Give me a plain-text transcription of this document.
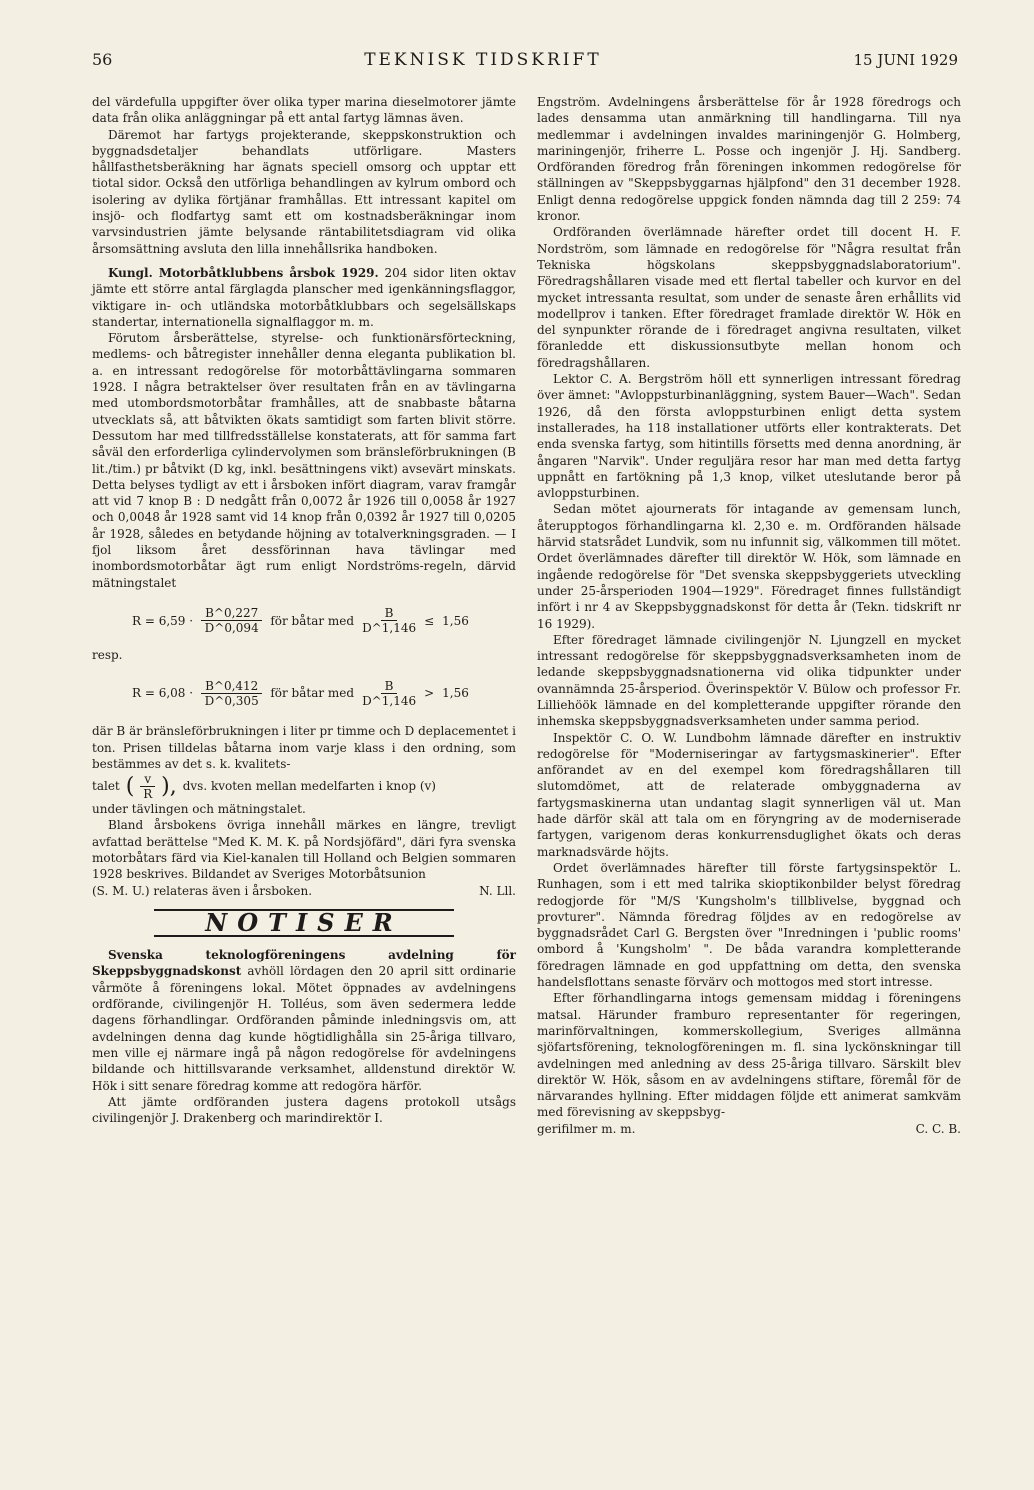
56	TEKNISK TIDSKRIFT	15 JUNI 1929

del värdefulla uppgifter över olika typer marina dieselmotorer jämte data från olika anläggningar på ett antal fartyg lämnas även.

Däremot har fartygs projekterande, skeppskonstruktion och byggnadsdetaljer behandlats utförligare. Masters hållfasthetsberäkning har ägnats speciell omsorg och upptar ett tiotal sidor. Också den utförliga behandlingen av kylrum ombord och isolering av dylika förtjänar framhållas. Ett intressant kapitel om insjö- och flodfartyg samt ett om kostnadsberäkningar inom varvsindustrien jämte belysande räntabilitetsdiagram vid olika årsomsättning avsluta den lilla innehållsrika handboken.

Kungl. Motorbåtklubbens årsbok 1929. 204 sidor liten oktav jämte ett större antal färglagda planscher med igenkänningsflaggor, viktigare in- och utländska motorbåtklubbars och segelsällskaps standertar, internationella signalflaggor m. m.

Förutom årsberättelse, styrelse- och funktionärsförteckning, medlems- och båtregister innehåller denna eleganta publikation bl. a. en intressant redogörelse för motorbåttävlingarna sommaren 1928. I några betraktelser över resultaten från en av tävlingarna med utombordsmotorbåtar framhålles, att de snabbaste båtarna utvecklats så, att båtvikten ökats samtidigt som farten blivit större. Dessutom har med tillfredsställelse konstaterats, att för samma fart såväl den erforderliga cylindervolymen som bränsleförbrukningen (B lit./tim.) pr båtvikt (D kg, inkl. besättningens vikt) avsevärt minskats. Detta belyses tydligt av ett i årsboken infört diagram, varav framgår att vid 7 knop B : D nedgått från 0,0072 år 1926 till 0,0058 år 1927 och 0,0048 år 1928 samt vid 14 knop från 0,0392 år 1927 till 0,0205 år 1928, således en betydande höjning av totalverkningsgraden. — I fjol liksom året dessförinnan hava tävlingar med inombordsmotorbåtar ägt rum enligt Nordströms-regeln, därvid mätningstalet

$R = 6,59 \cdot \frac{B\^{}0,227}{D\^{}0,094}$ för båtar med $\frac{B}{D\^{}1,146} \le 1,56$

resp.

$R = 6,08 \cdot \frac{B\^{}0,412}{D\^{}0,305}$ för båtar med $\frac{B}{D\^{}1,146} > 1,56$

där B är bränsleförbrukningen i liter pr timme och D deplacementet i ton. Prisen tilldelas båtarna inom varje klass i den ordning, som bestämmes av det s. k. kvalitets-

talet ( $\frac{v}{R}$ ), dvs. kvoten mellan medelfarten i knop (v)

under tävlingen och mätningstalet.

Bland årsbokens övriga innehåll märkes en längre, trevligt avfattad berättelse "Med K. M. K. på Nordsjöfärd", däri fyra svenska motorbåtars färd via Kiel-kanalen till Holland och Belgien sommaren 1928 beskrives. Bildandet av Sveriges Motorbåtsunion

(S. M. U.) relateras även i årsboken.	N. Lll.
NOTISER

Svenska teknologföreningens avdelning för Skeppsbyggnadskonst avhöll lördagen den 20 april sitt ordinarie vårmöte å föreningens lokal. Mötet öppnades av avdelningens ordförande, civilingenjör H. Tolléus, som även sedermera ledde dagens förhandlingar. Ordföranden påminde inledningsvis om, att avdelningen denna dag kunde högtidlighålla sin 25-åriga tillvaro, men ville ej närmare ingå på någon redogörelse för avdelningens bildande och hittillsvarande verksamhet, alldenstund direktör W. Hök i sitt senare föredrag komme att redogöra härför.

Att jämte ordföranden justera dagens protokoll utsågs civilingenjör J. Drakenberg och marindirektör I.

Engström. Avdelningens årsberättelse för år 1928 föredrogs och lades densamma utan anmärkning till handlingarna. Till nya medlemmar i avdelningen invaldes mariningenjör G. Holmberg, mariningenjör, friherre L. Posse och ingenjör J. Hj. Sandberg. Ordföranden föredrog från föreningen inkommen redogörelse för ställningen av "Skeppsbyggarnas hjälpfond" den 31 december 1928. Enligt denna redogörelse uppgick fonden nämnda dag till 2 259: 74 kronor.

Ordföranden överlämnade härefter ordet till docent H. F. Nordström, som lämnade en redogörelse för "Några resultat från Tekniska högskolans skeppsbyggnadslaboratorium". Föredragshållaren visade med ett flertal tabeller och kurvor en del mycket intressanta resultat, som under de senaste åren erhållits vid modellprov i tanken. Efter föredraget framlade direktör W. Hök en del synpunkter rörande de i föredraget angivna resultaten, vilket föranledde ett diskussionsutbyte mellan honom och föredragshållaren.

Lektor C. A. Bergström höll ett synnerligen intressant föredrag över ämnet: "Avloppsturbinanläggning, system Bauer—Wach". Sedan 1926, då den första avloppsturbinen enligt detta system installerades, ha 118 installationer utförts eller kontrakterats. Det enda svenska fartyg, som hitintills försetts med denna anordning, är ångaren "Narvik". Under reguljära resor har man med detta fartyg uppnått en fartökning på 1,3 knop, vilket uteslutande beror på avloppsturbinen.

Sedan mötet ajournerats för intagande av gemensam lunch, återupptogos förhandlingarna kl. 2,30 e. m. Ordföranden hälsade härvid statsrådet Lundvik, som nu infunnit sig, välkommen till mötet. Ordet överlämnades därefter till direktör W. Hök, som lämnade en ingående redogörelse för "Det svenska skeppsbyggeriets utveckling under 25-årsperioden 1904—1929". Föredraget finnes fullständigt infört i nr 4 av Skeppsbyggnadskonst för detta år (Tekn. tidskrift nr 16 1929).

Efter föredraget lämnade civilingenjör N. Ljungzell en mycket intressant redogörelse för skeppsbyggnadsverksamheten inom de ledande skeppsbyggnadsnationerna vid olika tidpunkter under ovannämnda 25-årsperiod. Överinspektör V. Bülow och professor Fr. Lilliehöök lämnade en del kompletterande uppgifter rörande den inhemska skeppsbyggnadsverksamheten under samma period.

Inspektör C. O. W. Lundbohm lämnade därefter en instruktiv redogörelse för "Moderniseringar av fartygsmaskinerier". Efter anförandet av en del exempel kom föredragshållaren till slutomdömet, att de relaterade ombyggnaderna av fartygsmaskinerna utan undantag slagit synnerligen väl ut. Man hade därför skäl att tala om en föryngring av de moderniserade fartygen, varigenom deras konkurrensduglighet ökats och deras marknadsvärde höjts.

Ordet överlämnades härefter till förste fartygsinspektör L. Runhagen, som i ett med talrika skioptikonbilder belyst föredrag redogjorde för "M/S 'Kungsholm's tillblivelse, byggnad och provturer". Nämnda föredrag följdes av en redogörelse av byggnadsrådet Carl G. Bergsten över "Inredningen i 'public rooms' ombord å 'Kungsholm' ". De båda varandra kompletterande föredragen lämnade en god uppfattning om detta, den svenska handelsflottans senaste förvärv och mottogos med stort intresse.

Efter förhandlingarna intogs gemensam middag i föreningens matsal. Härunder framburo representanter för regeringen, marinförvaltningen, kommerskollegium, Sveriges allmänna sjöfartsförening, teknologföreningen m. fl. sina lyckönskningar till avdelningen med anledning av dess 25-åriga tillvaro. Särskilt blev direktör W. Hök, såsom en av avdelningens stiftare, föremål för de närvarandes hyllning. Efter middagen följde ett animerat samkväm med förevisning av skeppsbyg-

gerifilmer m. m.	C. C. B.
